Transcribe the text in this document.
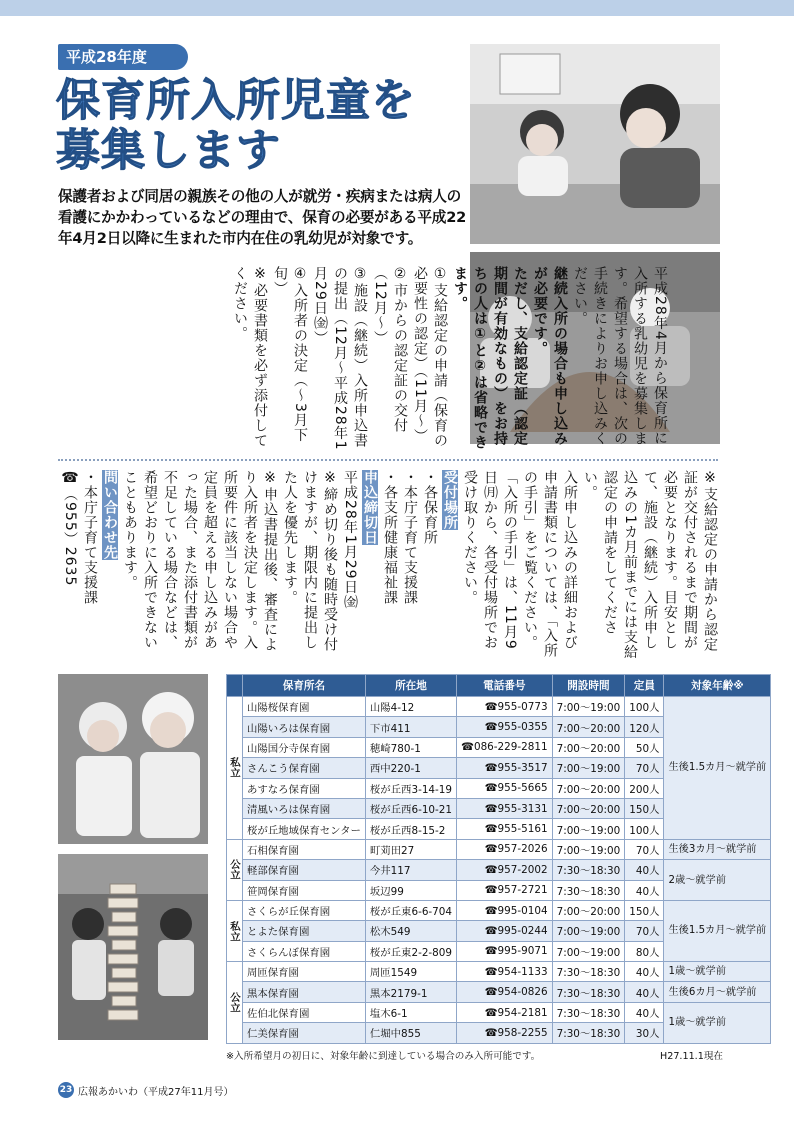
平成28年度
保育所入所児童を
募集します
保護者および同居の親族その他の人が就労・疾病または病人の看護にかかわっているなどの理由で、保育の必要がある平成22年4月2日以降に生まれた市内在住の乳幼児が対象です。

平成28年4月から保育所に入所する乳幼児を募集します。希望する場合は、次の手続きによりお申し込みください。

継続入所の場合も申し込みが必要です。

ただし、支給認定証（認定期間が有効なもの）をお持ちの人は①と②は省略できます。

①支給認定の申請（保育の必要性の認定）（11月〜）

②市からの認定証の交付（12月〜）

③施設（継続）入所申込書の提出（12月〜平成28年1月29日㈮）

④入所者の決定（〜3月下旬）

※必要書類を必ず添付してください。

※支給認定の申請から認定証が交付されるまで期間が必要となります。目安として、施設（継続）入所申し込みの1カ月前までには支給認定の申請をしてください。

入所申し込みの詳細および申請書類については、「入所の手引」をご覧ください。「入所の手引」は、11月9日㈪から、各受付場所でお受け取りください。

受付場所

・各保育所

・本庁子育て支援課

・各支所健康福祉課

申込締切日

平成28年1月29日㈮

※締め切り後も随時受け付けますが、期限内に提出した人を優先します。

※申込書提出後、審査により入所者を決定します。入所要件に該当しない場合や定員を超える申し込みがあった場合、また添付書類が不足している場合などは、希望どおりに入所できないこともあります。

問い合わせ先

・本庁子育て支援課

☎（955）2635

	保育所名	所在地	電話番号	開設時間	定員	対象年齢※
私立	山陽桜保育園	山陽4-12	☎955-0773	7:00〜19:00	100人	生後1.5カ月〜就学前
	山陽いろは保育園	下市411	☎955-0355	7:00〜20:00	120人	
	山陽国分寺保育園	穂崎780-1	☎086-229-2811	7:00〜20:00	50人	
	さんこう保育園	西中220-1	☎955-3517	7:00〜19:00	70人	
	あすなろ保育園	桜が丘西3-14-19	☎955-5665	7:00〜20:00	200人	
	清風いろは保育園	桜が丘西6-10-21	☎955-3131	7:00〜20:00	150人	
	桜が丘地域保育センター	桜が丘西8-15-2	☎955-5161	7:00〜19:00	100人	
公立	石相保育園	町苅田27	☎957-2026	7:00〜19:00	70人	生後3カ月〜就学前
	軽部保育園	今井117	☎957-2002	7:30〜18:30	40人	2歳〜就学前
	笹岡保育園	坂辺99	☎957-2721	7:30〜18:30	40人	
私立	さくらが丘保育園	桜が丘東6-6-704	☎995-0104	7:00〜20:00	150人	生後1.5カ月〜就学前
	とよた保育園	松木549	☎995-0244	7:00〜19:00	70人	
	さくらんぼ保育園	桜が丘東2-2-809	☎995-9071	7:00〜19:00	80人	
公立	周匝保育園	周匝1549	☎954-1133	7:30〜18:30	40人	1歳〜就学前
	黒本保育園	黒本2179-1	☎954-0826	7:30〜18:30	40人	生後6カ月〜就学前
	佐伯北保育園	塩木6-1	☎954-2181	7:30〜18:30	40人	1歳〜就学前
	仁美保育園	仁堀中855	☎958-2255	7:30〜18:30	30人	
※入所希望月の初日に、対象年齢に到達している場合のみ入所可能です。	H27.11.1現在
23 広報あかいわ（平成27年11月号）
